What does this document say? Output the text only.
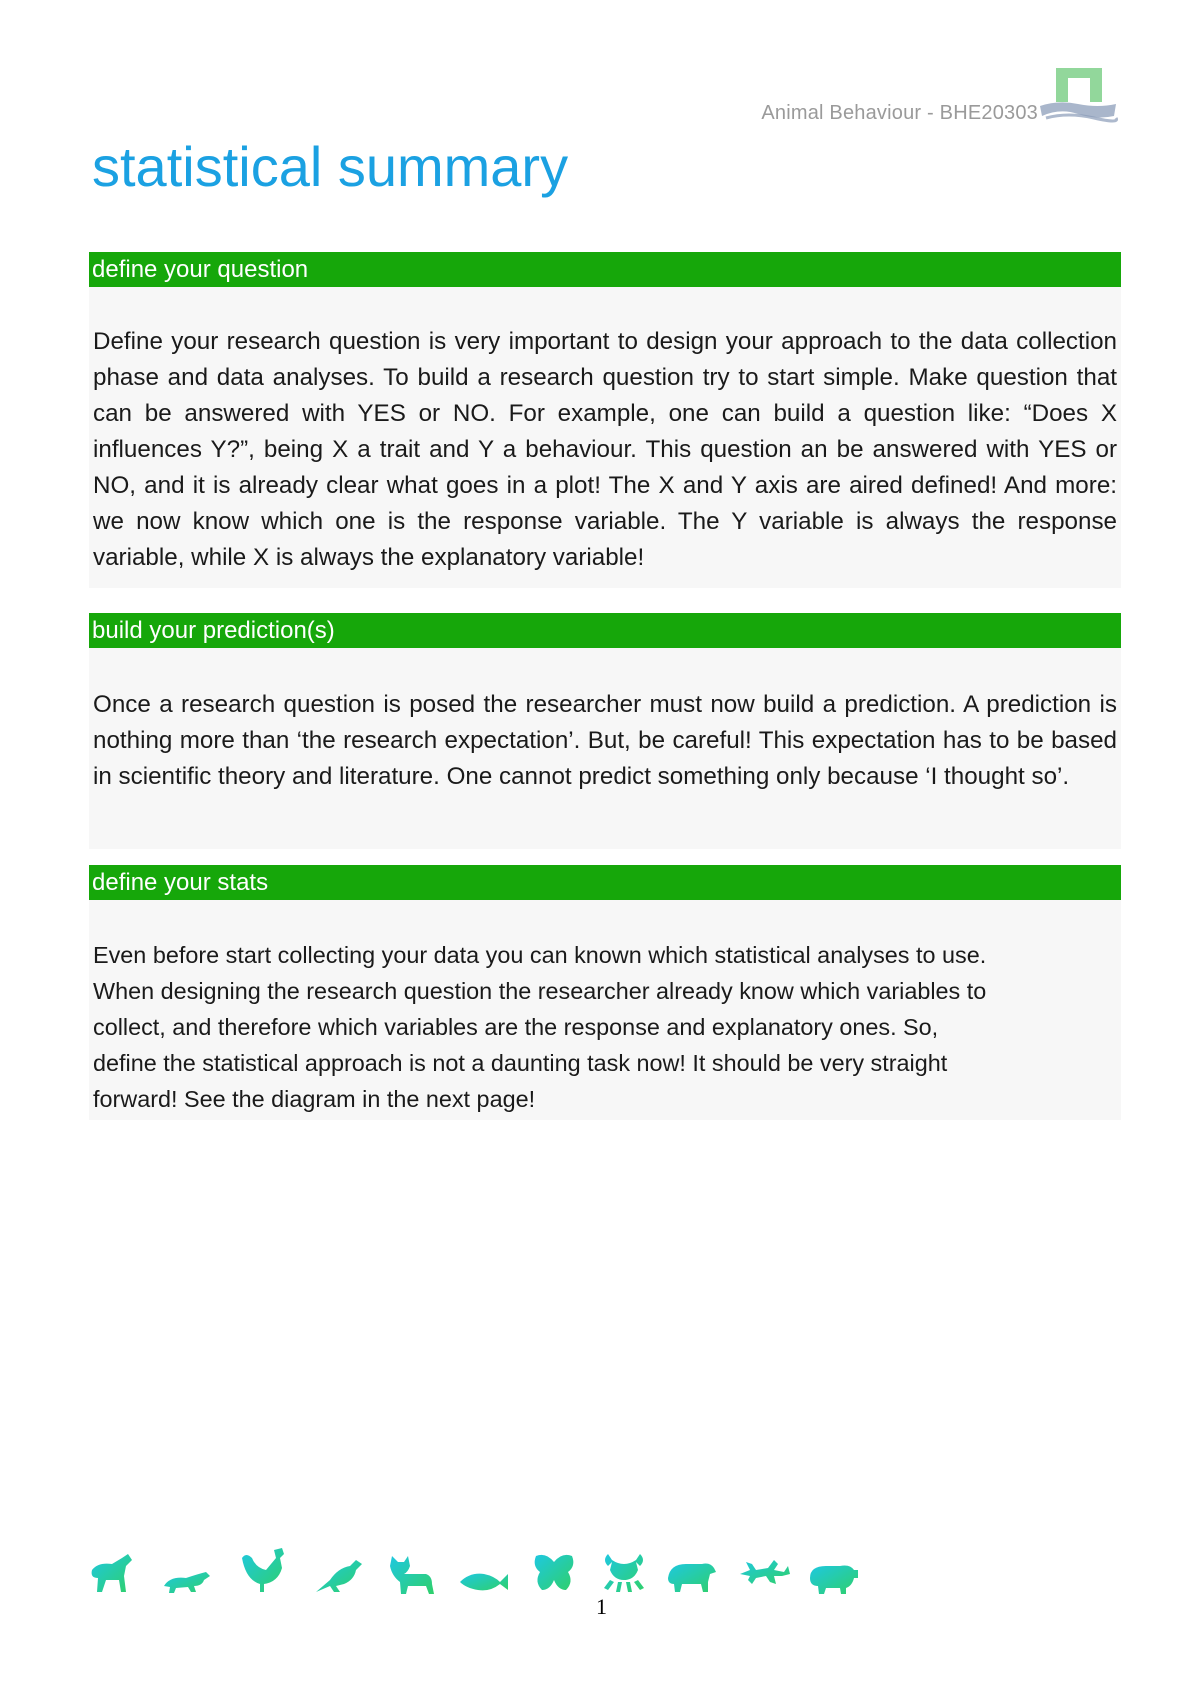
Animal Behaviour - BHE20303
statistical summary
define your question

Define your research question is very important to design your approach to the data collection phase and data analyses. To build a research question try to start simple. Make question that can be answered with YES or NO. For example, one can build a question like: “Does X influences Y?”, being X a trait and Y a behaviour. This question an be answered with YES or NO, and it is already clear what goes in a plot! The X and Y axis are aired defined! And more: we now know which one is the response variable. The Y variable is always the response variable, while X is always the explanatory variable!

build your prediction(s)

Once a research question is posed the researcher must now build a prediction. A prediction is nothing more than ‘the research expectation’. But, be careful! This expectation has to be based in scientific theory and literature. One cannot predict something only because ‘I thought so’.

define your stats
Even before start collecting your data you can known which statistical analyses to use.
When designing the research question the researcher already know which variables to
collect, and therefore which variables are the response and explanatory ones. So,
define the statistical approach is not a daunting task now! It should be very straight
forward! See the diagram in the next page!
1
